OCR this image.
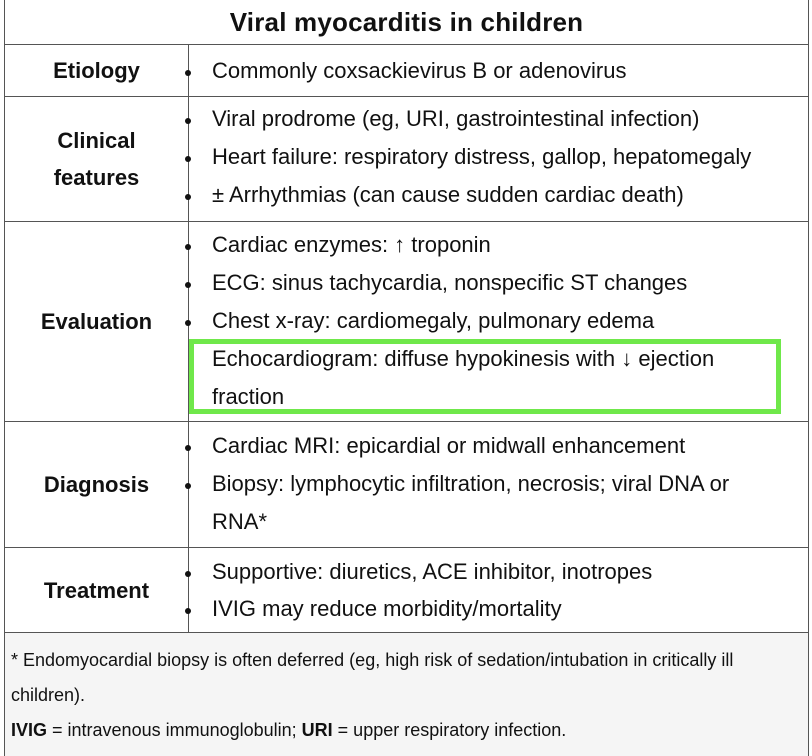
Viral myocarditis in children
Etiology	Commonly coxsackievirus B or adenovirus
Clinical features
Viral prodrome (eg, URI, gastrointestinal infection)
Heart failure: respiratory distress, gallop, hepatomegaly
± Arrhythmias (can cause sudden cardiac death)
Evaluation
Cardiac enzymes: ↑ troponin
ECG: sinus tachycardia, nonspecific ST changes
Chest x-ray: cardiomegaly, pulmonary edema
Echocardiogram: diffuse hypokinesis with ↓ ejection fraction
Diagnosis
Cardiac MRI: epicardial or midwall enhancement
Biopsy: lymphocytic infiltration, necrosis; viral DNA or RNA*
Treatment
Supportive: diuretics, ACE inhibitor, inotropes
IVIG may reduce morbidity/mortality

* Endomyocardial biopsy is often deferred (eg, high risk of sedation/intubation in critically ill children).

IVIG = intravenous immunoglobulin; URI = upper respiratory infection.
